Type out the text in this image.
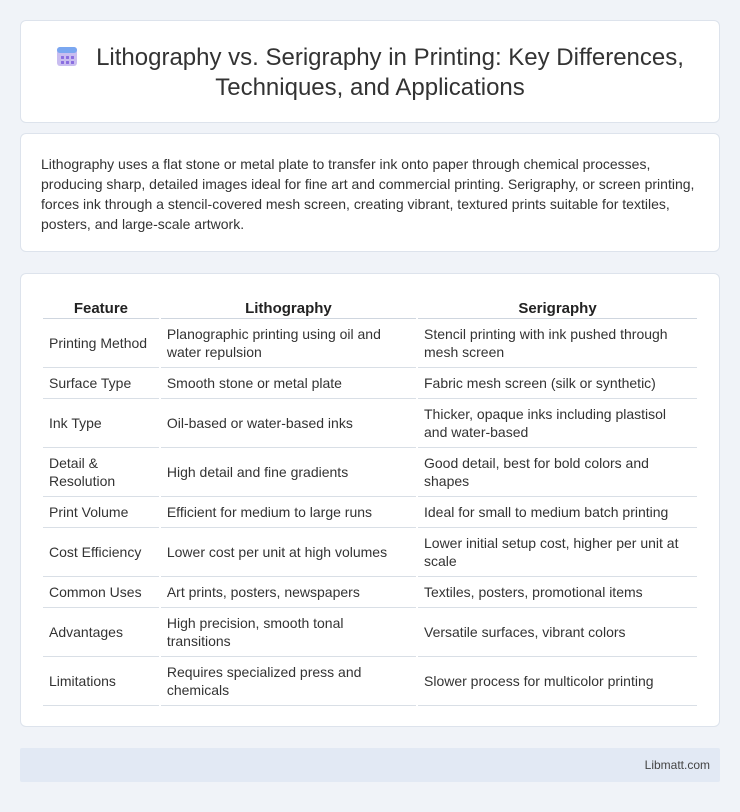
Lithography vs. Serigraphy in Printing: Key Differences, Techniques, and Applications

Lithography uses a flat stone or metal plate to transfer ink onto paper through chemical processes, producing sharp, detailed images ideal for fine art and commercial printing. Serigraphy, or screen printing, forces ink through a stencil-covered mesh screen, creating vibrant, textured prints suitable for textiles, posters, and large-scale artwork.

Feature	Lithography	Serigraphy
Printing Method	Planographic printing using oil and water repulsion	Stencil printing with ink pushed through mesh screen
Surface Type	Smooth stone or metal plate	Fabric mesh screen (silk or synthetic)
Ink Type	Oil-based or water-based inks	Thicker, opaque inks including plastisol and water-based
Detail & Resolution	High detail and fine gradients	Good detail, best for bold colors and shapes
Print Volume	Efficient for medium to large runs	Ideal for small to medium batch printing
Cost Efficiency	Lower cost per unit at high volumes	Lower initial setup cost, higher per unit at scale
Common Uses	Art prints, posters, newspapers	Textiles, posters, promotional items
Advantages	High precision, smooth tonal transitions	Versatile surfaces, vibrant colors
Limitations	Requires specialized press and chemicals	Slower process for multicolor printing
Libmatt.com
